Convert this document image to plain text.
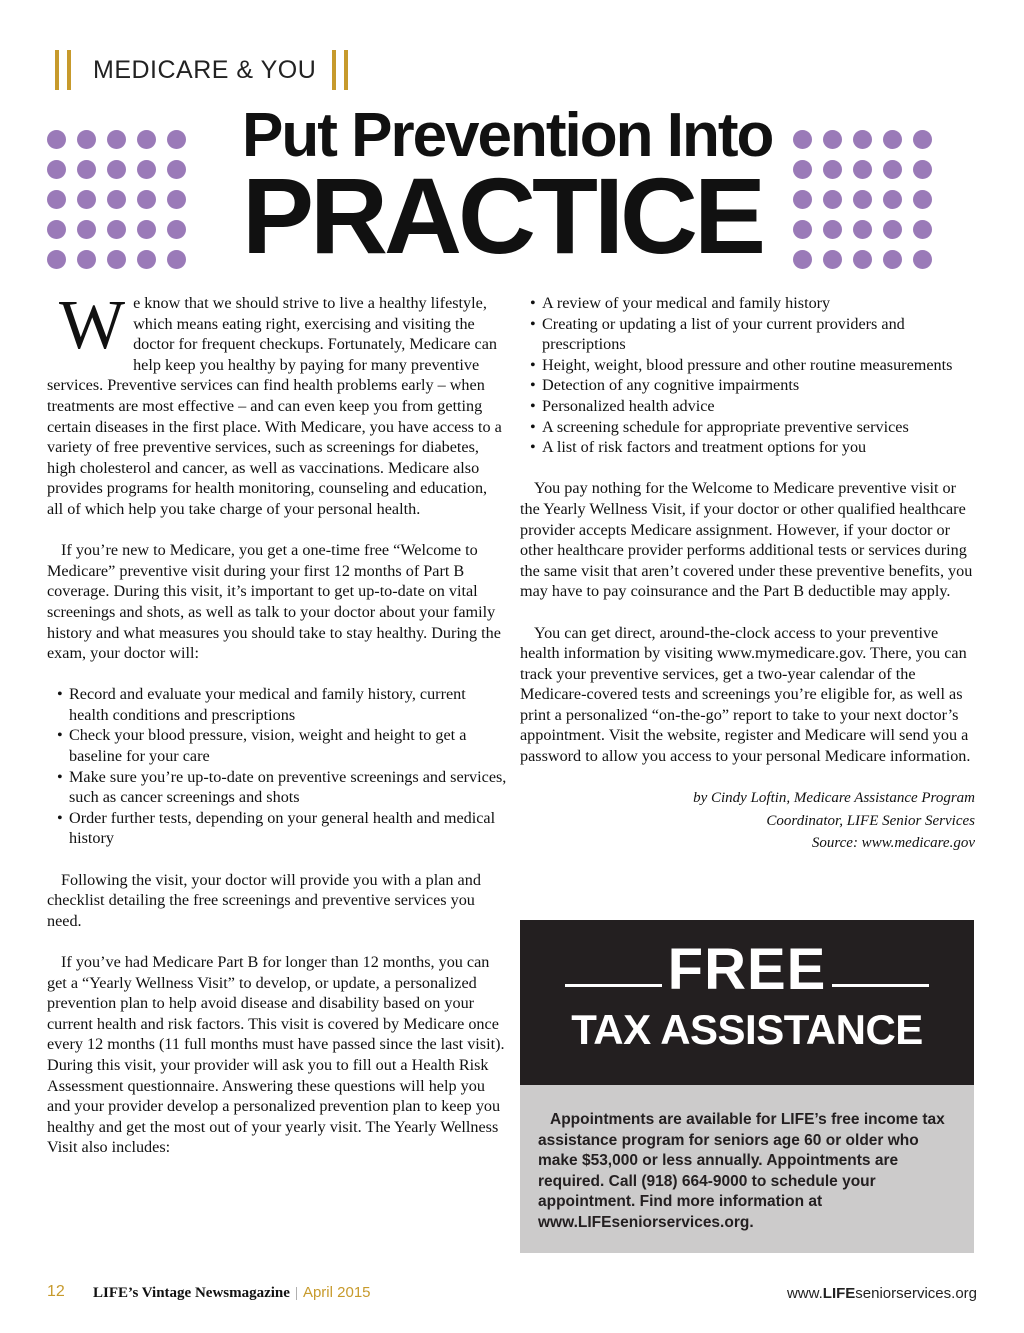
MEDICARE & YOU
Put Prevention Into
PRACTICE

We know that we should strive to live a healthy lifestyle, which means eating right, exercising and visiting the doctor for frequent checkups. Fortunately, Medicare can help keep you healthy by paying for many preventive services. Preventive services can find health problems early – when treatments are most effective – and can even keep you from getting certain diseases in the first place. With Medicare, you have access to a variety of free preventive services, such as screenings for diabetes, high cholesterol and cancer, as well as vaccinations. Medicare also provides programs for health monitoring, counseling and education, all of which help you take charge of your personal health.

If you’re new to Medicare, you get a one-time free “Welcome to Medicare” preventive visit during your first 12 months of Part B coverage. During this visit, it’s important to get up-to-date on vital screenings and shots, as well as talk to your doctor about your family history and what measures you should take to stay healthy. During the exam, your doctor will:

• Record and evaluate your medical and family history, current health conditions and prescriptions
• Check your blood pressure, vision, weight and height to get a baseline for your care
• Make sure you’re up-to-date on preventive screenings and services, such as cancer screenings and shots
• Order further tests, depending on your general health and medical history

Following the visit, your doctor will provide you with a plan and checklist detailing the free screenings and preventive services you need.

If you’ve had Medicare Part B for longer than 12 months, you can get a “Yearly Wellness Visit” to develop, or update, a personalized prevention plan to help avoid disease and disability based on your current health and risk factors. This visit is covered by Medicare once every 12 months (11 full months must have passed since the last visit). During this visit, your provider will ask you to fill out a Health Risk Assessment questionnaire. Answering these questions will help you and your provider develop a personalized prevention plan to keep you healthy and get the most out of your yearly visit. The Yearly Wellness Visit also includes:

• A review of your medical and family history
• Creating or updating a list of your current providers and prescriptions
• Height, weight, blood pressure and other routine measurements
• Detection of any cognitive impairments
• Personalized health advice
• A screening schedule for appropriate preventive services
• A list of risk factors and treatment options for you

You pay nothing for the Welcome to Medicare preventive visit or the Yearly Wellness Visit, if your doctor or other qualified healthcare provider accepts Medicare assignment. However, if your doctor or other healthcare provider performs additional tests or services during the same visit that aren’t covered under these preventive benefits, you may have to pay coinsurance and the Part B deductible may apply.

You can get direct, around-the-clock access to your preventive health information by visiting www.mymedicare.gov. There, you can track your preventive services, get a two-year calendar of the Medicare-covered tests and screenings you’re eligible for, as well as print a personalized “on-the-go” report to take to your next doctor’s appointment. Visit the website, register and Medicare will send you a password to allow you access to your personal Medicare information.

by Cindy Loftin, Medicare Assistance Program
Coordinator, LIFE Senior Services
Source: www.medicare.gov
FREE
TAX ASSISTANCE
Appointments are available for LIFE’s free income tax assistance program for seniors age 60 or older who make $53,000 or less annually. Appointments are required. Call (918) 664-9000 to schedule your appointment. Find more information at www.LIFEseniorservices.org.
12 LIFE’s Vintage Newsmagazine | April 2015	www.LIFEseniorservices.org
